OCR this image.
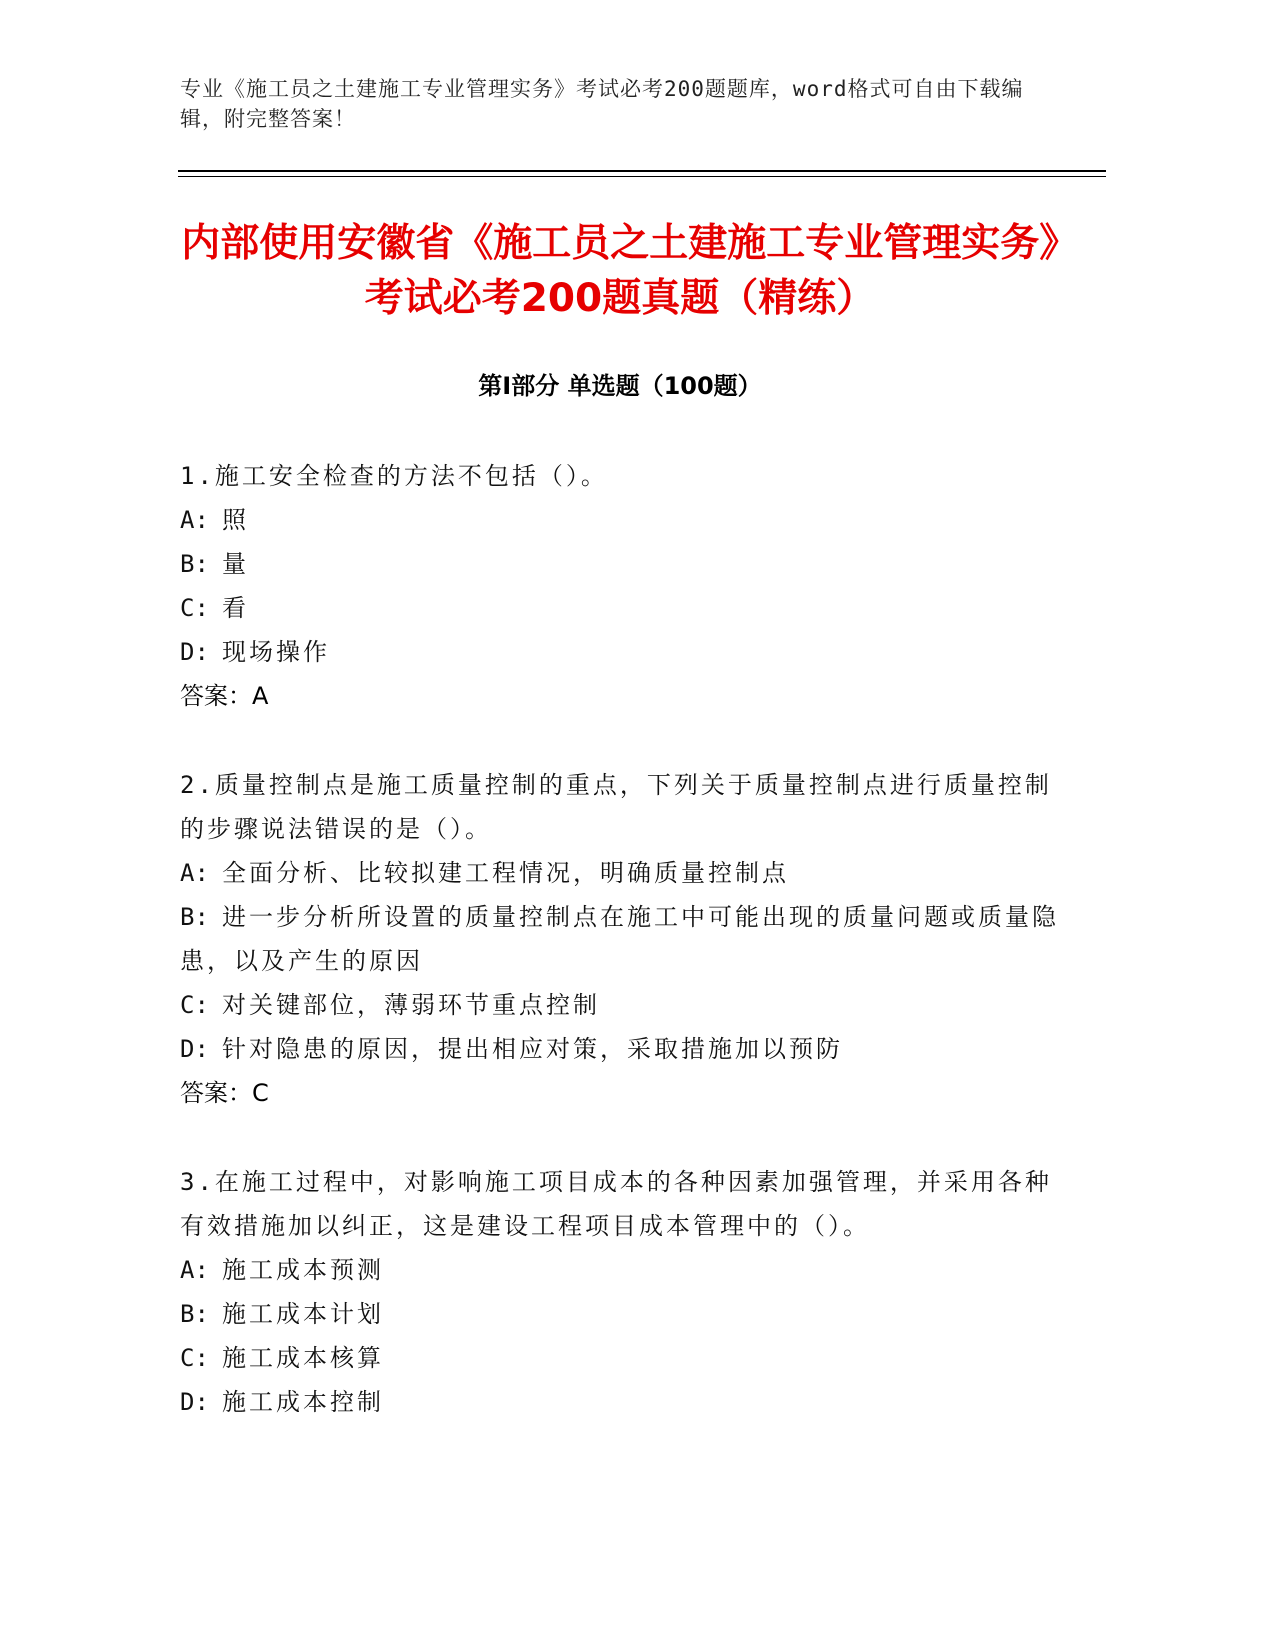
专业《施工员之土建施工专业管理实务》考试必考200题题库，word格式可自由下载编辑，附完整答案！
内部使用安徽省《施工员之土建施工专业管理实务》考试必考200题真题（精练）
第Ⅰ部分 单选题（100题）

1.施工安全检查的方法不包括（）。

A: 照

B: 量

C: 看

D: 现场操作

答案：A

2.质量控制点是施工质量控制的重点，下列关于质量控制点进行质量控制的步骤说法错误的是（）。

A: 全面分析、比较拟建工程情况，明确质量控制点

B: 进一步分析所设置的质量控制点在施工中可能出现的质量问题或质量隐患，以及产生的原因

C: 对关键部位，薄弱环节重点控制

D: 针对隐患的原因，提出相应对策，采取措施加以预防

答案：C

3.在施工过程中，对影响施工项目成本的各种因素加强管理，并采用各种有效措施加以纠正，这是建设工程项目成本管理中的（）。

A: 施工成本预测

B: 施工成本计划

C: 施工成本核算

D: 施工成本控制
